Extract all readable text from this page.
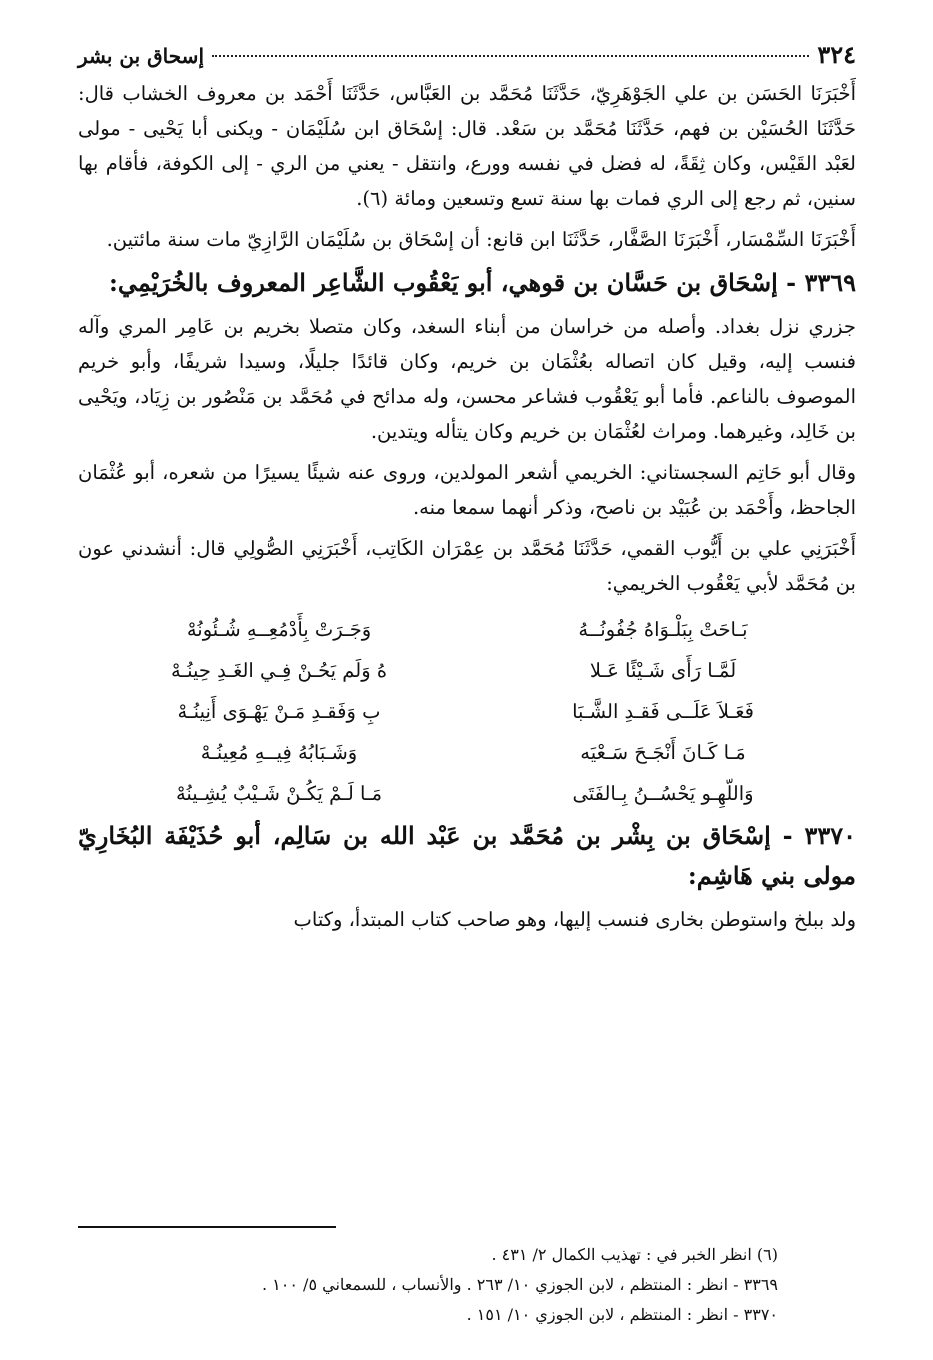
٣٢٤
إسحاق بن بشر

أَخْبَرَنَا الحَسَن بن علي الجَوْهَرِيّ، حَدَّثَنَا مُحَمَّد بن العَبَّاس، حَدَّثَنَا أَحْمَد بن معروف الخشاب قال: حَدَّثَنَا الحُسَيْن بن فهم، حَدَّثَنَا مُحَمَّد بن سَعْد. قال: إسْحَاق ابن سُلَيْمَان - ويكنى أبا يَحْيى - مولى لعَبْد القَيْس، وكان ثِقَةً، له فضل في نفسه وورع، وانتقل - يعني من الري - إلى الكوفة، فأقام بها سنين، ثم رجع إلى الري فمات بها سنة تسع وتسعين ومائة (٦).

أَخْبَرَنَا السِّمْسَار، أَخْبَرَنَا الصَّفَّار، حَدَّثَنَا ابن قانع: أن إسْحَاق بن سُلَيْمَان الرَّازِيّ مات سنة مائتين.

٣٣٦٩ - إسْحَاق بن حَسَّان بن قوهي، أبو يَعْقُوب الشَّاعِر المعروف بالخُرَيْمِي:

جزري نزل بغداد. وأصله من خراسان من أبناء السغد، وكان متصلا بخريم بن عَامِر المري وآله فنسب إليه، وقيل كان اتصاله بعُثْمَان بن خريم، وكان قائدًا جليلًا، وسيدا شريفًا، وأبو خريم الموصوف بالناعم. فأما أبو يَعْقُوب فشاعر محسن، وله مدائح في مُحَمَّد بن مَنْصُور بن زِيَاد، ويَحْيى بن خَالِد، وغيرهما. ومراث لعُثْمَان بن خريم وكان يتأله ويتدين.

وقال أبو حَاتِم السجستاني: الخريمي أشعر المولدين، وروى عنه شيئًا يسيرًا من شعره، أبو عُثْمَان الجاحظ، وأَحْمَد بن عُبَيْد بن ناصح، وذكر أنهما سمعا منه.

أَخْبَرَنِي علي بن أَيُّوب القمي، حَدَّثَنَا مُحَمَّد بن عِمْرَان الكَاتِب، أَخْبَرَنِي الصُّولِي قال: أنشدني عون بن مُحَمَّد لأبي يَعْقُوب الخريمي:

بَـاحَتْ بِبَلْـوَاهُ جُفُونُــهُ
وَجَـرَتْ بِأَدْمُعِــهِ شُـئُونُهْ
لَمَّـا رَأَى شَـيْئًا عَـلا
هُ وَلَم يَحُـنْ فِـي الغَـدِ حِينُـهْ
فَعَـلاَ عَلَــى فَقـدِ الشَّـبَا
بِ وَفَقـدِ مَـنْ يَهْـوَى أَنِينُـهْ
مَـا كَـانَ أَنْجَـحَ سَـعْيَه
وَشَـبَابُهُ فِيــهِ مُعِينُـهْ
وَاللّهِـو يَحْسُــنُ بِـالفَتَى
مَـا لَـمْ يَكُـنْ شَـيْبٌ يُشِـينُهْ
٣٣٧٠ - إسْحَاق بن بِشْر بن مُحَمَّد بن عَبْد الله بن سَالِم، أبو حُذَيْفَة البُخَارِيّ مولى بني هَاشِم:

ولد ببلخ واستوطن بخارى فنسب إليها، وهو صاحب كتاب المبتدأ، وكتاب

(٦) انظر الخبر في : تهذيب الكمال ٢/ ٤٣١ .
٣٣٦٩ - انظر : المنتظم ، لابن الجوزي ١٠/ ٢٦٣ . والأنساب ، للسمعاني ٥/ ١٠٠ .
٣٣٧٠ - انظر : المنتظم ، لابن الجوزي ١٠/ ١٥١ .
